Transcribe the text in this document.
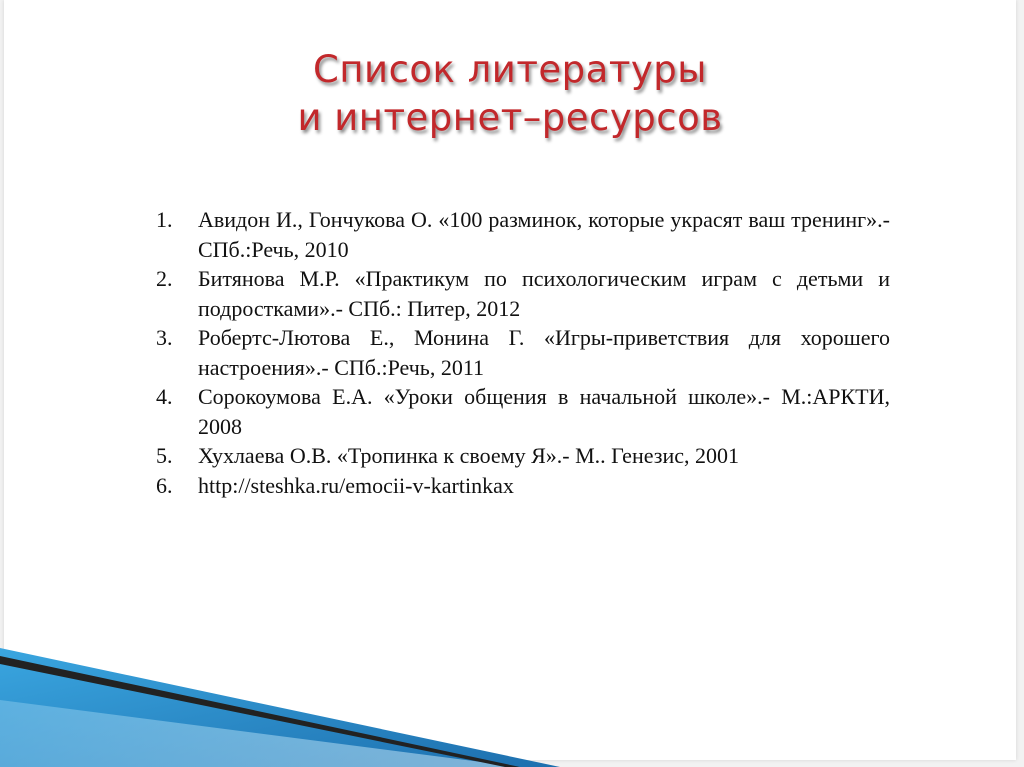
Список литературы
и интернет–ресурсов
1. Авидон И., Гончукова О. «100 разминок, которые украсят ваш тренинг».- СПб.:Речь, 2010
2. Битянова М.Р. «Практикум по психологическим играм с детьми и подростками».- СПб.: Питер, 2012
3. Робертс-Лютова Е., Монина Г. «Игры-приветствия для хорошего настроения».- СПб.:Речь, 2011
4. Сорокоумова Е.А. «Уроки общения в начальной школе».- М.:АРКТИ, 2008
5. Хухлаева О.В. «Тропинка к своему Я».- М.. Генезис, 2001
6. http://steshka.ru/emocii-v-kartinkax
